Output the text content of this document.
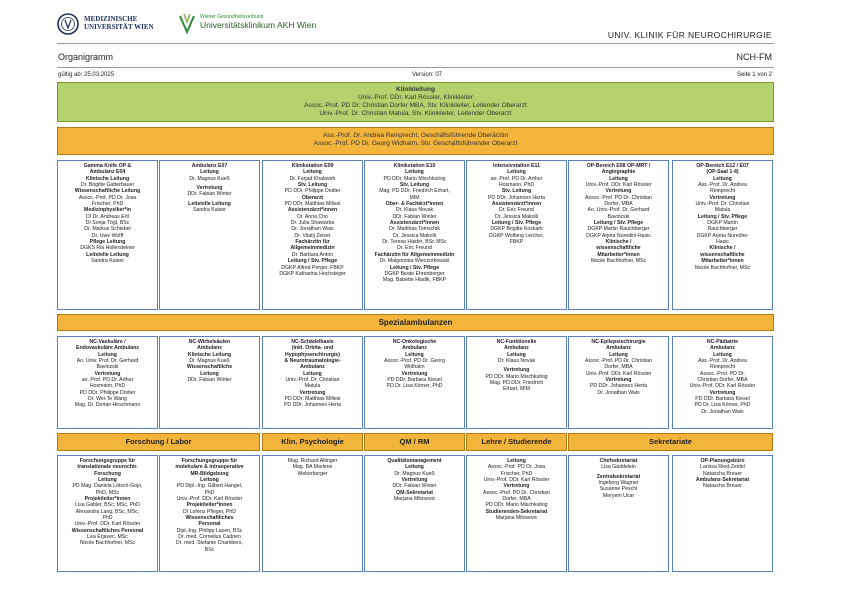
MEDIZINISCHE
UNIVERSITÄT WIEN
Wiener Gesundheitsverbund
Universitätsklinikum AKH Wien
UNIV. KLINIK FÜR NEUROCHIRURGIE
Organigramm	NCH-FM
gültig ab: 25.03.2025	Version: 07	Seite 1 von 2
Klinikleitung
Univ.-Prof. DDr. Karl Rössler, Klinikleiter
Assoc.-Prof. PD Dr. Christian Dorfer MBA, Stv. Klinikleiter, Leitender Oberarzt
Univ.-Prof. Dr. Christian Matula, Stv. Klinikleiter, Leitender Oberarzt
Ass.-Prof. Dr. Andrea Reinprecht, Geschäftsführende Oberärztin
Assoc.-Prof. PD Dr. Georg Widhalm, Stv. Geschäftsführender Oberarzt
Gamma Knife OP &
Ambulanz E04
Klinische Leitung
Dr. Brigitte Gatterbauer
Wissenschaftliche Leitung
Assoc.-Prof. PD Dr. Josa
Frischer, PhD
Medizinphysiker*in
DI Dr. Andreas Ertl
DI Sonja Tögl, BSc
Dr. Markus Schiebel
Dr. Uwe Wolff
Pflege Leitung
DGKS Ria Hollersteiner
Leitstelle Leitung
Sandra Kaiser
Ambulanz E07
Leitung
Dr. Magnus Kueß
Vertretung
DDr. Fabian Winter
Leitstelle Leitung
Sandra Kaiser
Klinikstation E09
Leitung
Dr. Farjad Khalaveh
Stv. Leitung
PD DDr. Philippe Dodier
Oberarzt
PD DDr. Matthias Millesi
Assistenzärzt*innen
Dr. Anna Cho
Dr. Julia Shawarba
Dr. Jonathan Wais
Dr. Vitalij Zeiser
Fachärztin für
Allgemeinmedizin
Dr. Barbara Anton
Leitung / Stv. Pflege
DGKP Alfred Perger, FBKP
DGKP Katharina Hochsteger
Klinikstation E10
Leitung
PD DDr. Mario Mischkulnig
Stv. Leitung
Mag. PD DDr. Friedrich Erhart,
MIM
Ober- & Fachärzt*innen
Dr. Klaus Novak
DDr. Fabian Winter
Assistenzärzt*innen
Dr. Matthias Tomschik
Dr. Jessica Makolli
Dr. Teresa Haider, BSc MSc
Dr. Eric Freund
Fachärztin für Allgemeinmedizin
Dr. Malgorzata Wieczorkowski
Leitung / Stv. Pflege
DGKP Beate Ehrenberger
Mag. Babette Hladik, FBKP
Intensivstation E11
Leitung
ao. Prof. PD Dr. Arthur
Hosmann, PhD
Stv. Leitung
PD DDr. Johannes Herta
Assistenzärzt*innen
Dr. Eric Freund
Dr. Jessica Makolli
Leitung / Stv. Pflege
DGKP Brigitte Koskarti
DGKP Wolfang Lercher,
FBKP
OP-Bereich E08 OP-MRT /
Angiographie
Leitung
Univ.-Prof. DDr. Karl Rössler
Vertretung
Assoc.-Prof. PD Dr. Christian
Dorfer, MBA
Ao. Univ.-Prof. Dr. Gerhard
Bavinzski
Leitung / Stv. Pflege
DGKP Martin Rauchberger
DGKP Arjeta Nuredini-Hasic
Klinische /
wissenschaftliche
Mitarbeiter*innen
Nicole Bachhofner, MSc
OP-Bereich E12 / E07
(OP-Saal 1-4)
Leitung
Ass.-Prof. Dr. Andrea
Reinprecht
Vertretung
Univ.-Prof. Dr. Christian
Matula
Leitung / Stv. Pflege
DGKP Martin
Rauchberger
DGKP Arjeta Nuredini-
Hasic
Klinische /
wissenschaftliche
Mitarbeiter*innen
Nicole Bachhofner, MSc
Spezialambulanzen
NC-Vaskuläre /
Endovaskuläre Ambulanz
Leitung
Ao. Univ. Prof. Dr. Gerhard
Bavinzski
Vertretung
ao. Prof. PD Dr. Arthur
Hosmann, PhD
PD DDr. Philippe Dodier
Dr. Wei-Te Wang
Mag. Dr. Dorian Hirschmann
NC-Wirbelsäulen
Ambulanz
Klinische Leitung
Dr. Magnus Kueß
Wissenschaftliche
Leitung
DDr. Fabian Winter
NC-Schädelbasis
(inkl. Orbita- und
Hypophysenchirurgie)
& Neurotraumatologie-
Ambulanz
Leitung
Univ.-Prof. Dr. Christian
Matula
Vertretung
PD DDr. Matthias Millesi
PD DDr. Johannes Herta
NC-Onkologische
Ambulanz
Leitung
Assoc.-Prof. PD Dr. Georg
Widhalm
Vertretung
PD DDr. Barbara Kiesel
PD Dr. Lisa Körner, PhD
NC-Funktionelle
Ambulanz
Leitung
Dr. Klaus Novak
Vertretung
PD DDr. Mario Mischkulnig
Mag. PD DDr. Friedrich
Erhart, MIM
NC-Epilepsiechirurgie
Ambulanz
Leitung
Assoc.-Prof. PD Dr. Christian
Dorfer, MBA
Univ.-Prof. DDr. Karl Rössler
Vertretung
PD DDr. Johannes Herta
Dr. Jonathan Wais
NC-Pädiatrie
Ambulanz
Leitung
Ass.-Prof. Dr. Andrea
Reinprecht
Assoc.-Prof. PD Dr.
Christian Dorfer, MBA
Univ.-Prof. DDr. Karl Rössler
Vertretung
PD DDr. Barbara Kiesel
PD Dr. Lisa Körner, PhD
Dr. Jonathan Wais
Forschung / Labor	Klin. Psychologie	QM / RM	Lehre / Studierende	Sekretariate
Forschungsgruppe für
translationale neurochir.
Forschung
Leitung
PD Mag. Daniela Lötsch-Gojo,
PhD, MSc
Projektleiter*innen
Lisa Gabler, BSc, MSc, PhD
Alexandra Lang, BSc, MSc,
PhD
Univ.-Prof. DDr. Karl Rössler
Wissenschaftliches Personal
Lea Erjavec, MSc
Nicole Bachhofner, MSc
Forschungsgruppe für
molekulare & intraoperative
MR-Bildgebung
Leitung
PD Dipl.-Ing. Gilbert Hangel,
PhD
Univ.-Prof. DDr. Karl Rössler
Projektleiter*innen
DI Lorenz Pfleger, PhD
Wissenschaftliches
Personal
Dipl.-Ing. Philipp Lazen, BSc
Dr. med. Cornelius Cadrien
Dr. med. Stefanie Chambers,
BSc
Mag. Richard Altinger
Mag. BA Marlene
Weberberger
Qualitätsmanagement
Leitung
Dr. Magnus Kueß
Vertretung
DDr. Fabian Winter
QM-Sekretariat
Marjana Milosevic
Leitung
Assoc.-Prof. PD Dr. Josa
Frischer, PhD
Univ.-Prof. DDr. Karl Rössler
Vertretung
Assoc.-Prof. PD Dr. Christian
Dorfer, MBA
PD DDr. Mario Mischkulnig
Studierenden-Sekretariat
Marjana Milosevic
Chefsekretariat
Lisa Gäddelein
Zentralsekretariat
Ingeborg Wagner
Susanne Peschl
Meryem Ucar
OP-Planungsbüro
Larissa Ried-Zeidel
Natascha Breuer
Ambulanz-Sekretariat
Natascha Breuer
